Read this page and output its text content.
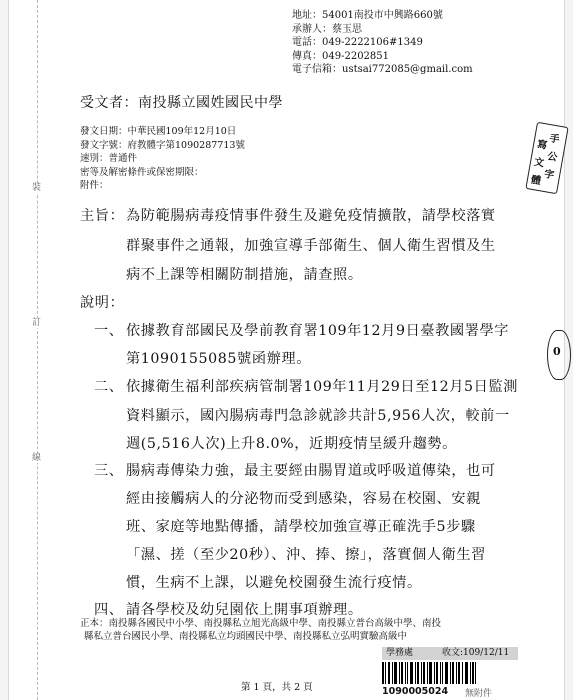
裝
訂
線
地址：54001南投市中興路660號
承辦人：蔡玉思
電話：049-2222106#1349
傳真：049-2202851
電子信箱：ustsai772085@gmail.com
受文者：南投縣立國姓國民中學
發文日期：中華民國109年12月10日
發文字號：府教體字第1090287713號
速別：普通件
密等及解密條件或保密期限：
附件：
手
寫
公
文
字
體
主旨： 為防範腸病毒疫情事件發生及避免疫情擴散，請學校落實
群聚事件之通報，加強宣導手部衛生、個人衛生習慣及生
病不上課等相關防制措施，請查照。
說明：
一、 依據教育部國民及學前教育署109年12月9日臺教國署學字
第1090155085號函辦理。
二、 依據衛生福利部疾病管制署109年11月29日至12月5日監測
資料顯示，國內腸病毒門急診就診共計5,956人次，較前一
週(5,516人次)上升8.0%，近期疫情呈緩升趨勢。
三、 腸病毒傳染力強，最主要經由腸胃道或呼吸道傳染，也可
經由接觸病人的分泌物而受到感染，容易在校園、安親
班、家庭等地點傳播，請學校加強宣導正確洗手5步驟
「濕、搓（至少20秒）、沖、捧、擦」，落實個人衛生習
慣，生病不上課，以避免校園發生流行疫情。
四、 請各學校及幼兒園依上開事項辦理。
0
正本：南投縣各國民中小學、南投縣私立旭光高級中學、南投縣立普台高級中學、南投
縣私立普台國民小學、南投縣私立均頭國民中學、南投縣私立弘明實驗高級中
學務處	收文:109/12/11
1090005024 無附件
第 1 頁，共 2 頁
